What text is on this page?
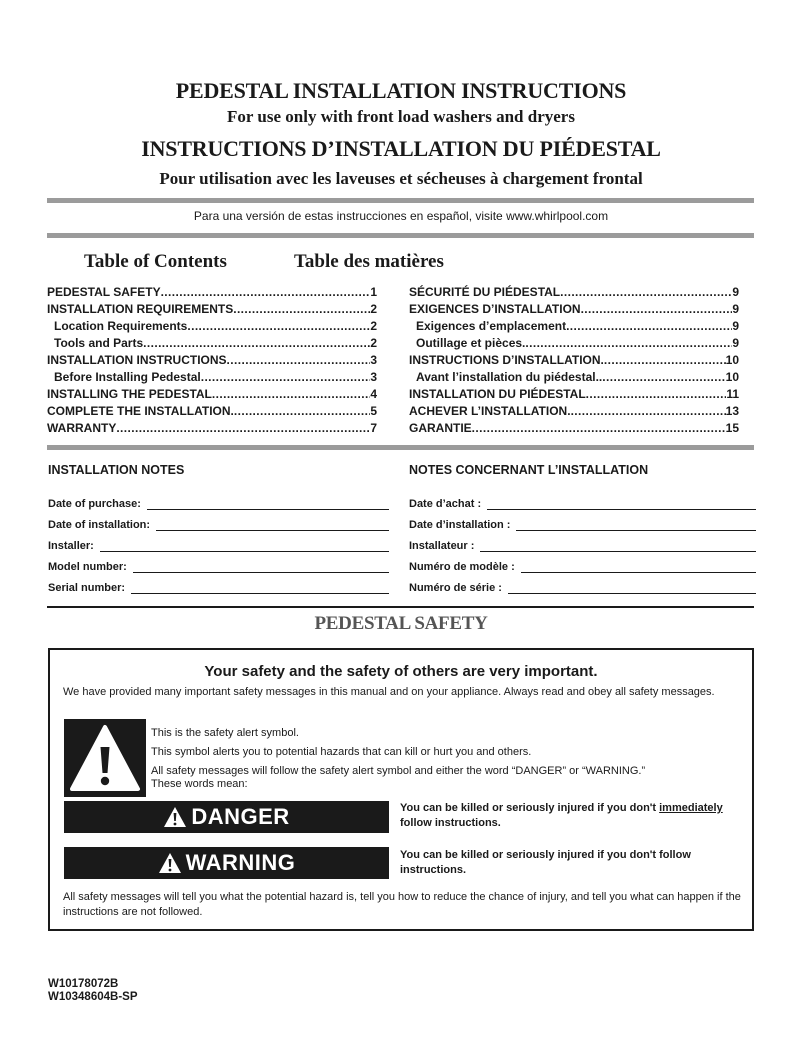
PEDESTAL INSTALLATION INSTRUCTIONS
For use only with front load washers and dryers
INSTRUCTIONS D’INSTALLATION DU PIÉDESTAL
Pour utilisation avec les laveuses et sécheuses à chargement frontal
Para una versión de estas instrucciones en español, visite www.whirlpool.com
Table of Contents	Table des matières
PEDESTAL SAFETY .....	1
INSTALLATION REQUIREMENTS .....	2
Location Requirements .....	2
Tools and Parts .....	2
INSTALLATION INSTRUCTIONS .....	3
Before Installing Pedestal .....	3
INSTALLING THE PEDESTAL .....	4
COMPLETE THE INSTALLATION. .....	5
WARRANTY .....	7
SÉCURITÉ DU PIÉDESTAL .....	9
EXIGENCES D’INSTALLATION .....	9
Exigences d’emplacement .....	9
Outillage et pièces. .....	9
INSTRUCTIONS D’INSTALLATION. .....	10
Avant l’installation du piédestal.. .....	10
INSTALLATION DU PIÉDESTAL .....	11
ACHEVER L’INSTALLATION. .....	13
GARANTIE .....	15
INSTALLATION NOTES
Date of purchase:
Date of installation:
Installer:
Model number:
Serial number:
NOTES CONCERNANT L’INSTALLATION
Date d’achat :
Date d’installation :
Installateur :
Numéro de modèle :
Numéro de série :
PEDESTAL SAFETY
Your safety and the safety of others are very important.
We have provided many important safety messages in this manual and on your appliance. Always read and obey all safety messages.
This is the safety alert symbol.
This symbol alerts you to potential hazards that can kill or hurt you and others.
All safety messages will follow the safety alert symbol and either the word “DANGER” or “WARNING.”
These words mean:
DANGER	You can be killed or seriously injured if you don't immediately
follow instructions.
WARNING	You can be killed or seriously injured if you don't follow instructions.
All safety messages will tell you what the potential hazard is, tell you how to reduce the chance of injury, and tell you what can happen if the instructions are not followed.
W10178072B
W10348604B-SP
